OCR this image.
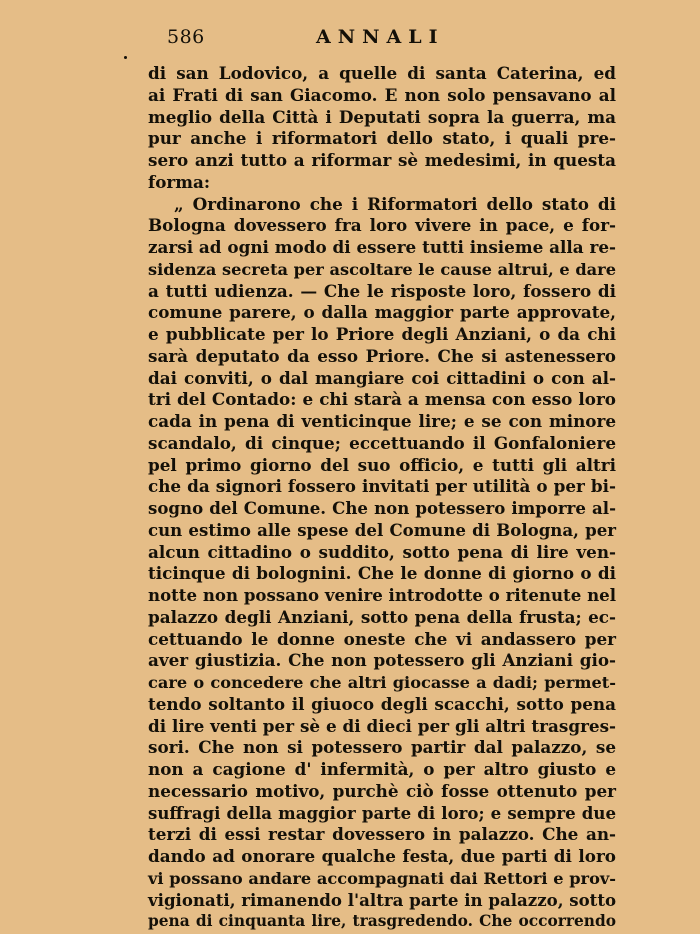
586	ANNALI
di san Lodovico, a quelle di santa Caterina, ed
ai Frati di san Giacomo. E non solo pensavano al
meglio della Città i Deputati sopra la guerra, ma
pur anche i riformatori dello stato, i quali pre-
sero anzi tutto a riformar sè medesimi, in questa
forma:
„ Ordinarono che i Riformatori dello stato di
Bologna dovessero fra loro vivere in pace, e for-
zarsi ad ogni modo di essere tutti insieme alla re-
sidenza secreta per ascoltare le cause altrui, e dare
a tutti udienza. — Che le risposte loro, fossero di
comune parere, o dalla maggior parte approvate,
e pubblicate per lo Priore degli Anziani, o da chi
sarà deputato da esso Priore. Che si astenessero
dai conviti, o dal mangiare coi cittadini o con al-
tri del Contado: e chi starà a mensa con esso loro
cada in pena di venticinque lire; e se con minore
scandalo, di cinque; eccettuando il Gonfaloniere
pel primo giorno del suo officio, e tutti gli altri
che da signori fossero invitati per utilità o per bi-
sogno del Comune. Che non potessero imporre al-
cun estimo alle spese del Comune di Bologna, per
alcun cittadino o suddito, sotto pena di lire ven-
ticinque di bolognini. Che le donne di giorno o di
notte non possano venire introdotte o ritenute nel
palazzo degli Anziani, sotto pena della frusta; ec-
cettuando le donne oneste che vi andassero per
aver giustizia. Che non potessero gli Anziani gio-
care o concedere che altri giocasse a dadi; permet-
tendo soltanto il giuoco degli scacchi, sotto pena
di lire venti per sè e di dieci per gli altri trasgres-
sori. Che non si potessero partir dal palazzo, se
non a cagione d' infermità, o per altro giusto e
necessario motivo, purchè ciò fosse ottenuto per
suffragi della maggior parte di loro; e sempre due
terzi di essi restar dovessero in palazzo. Che an-
dando ad onorare qualche festa, due parti di loro
vi possano andare accompagnati dai Rettori e prov-
vigionati, rimanendo l'altra parte in palazzo, sotto
pena di cinquanta lire, trasgredendo. Che occorrendo
